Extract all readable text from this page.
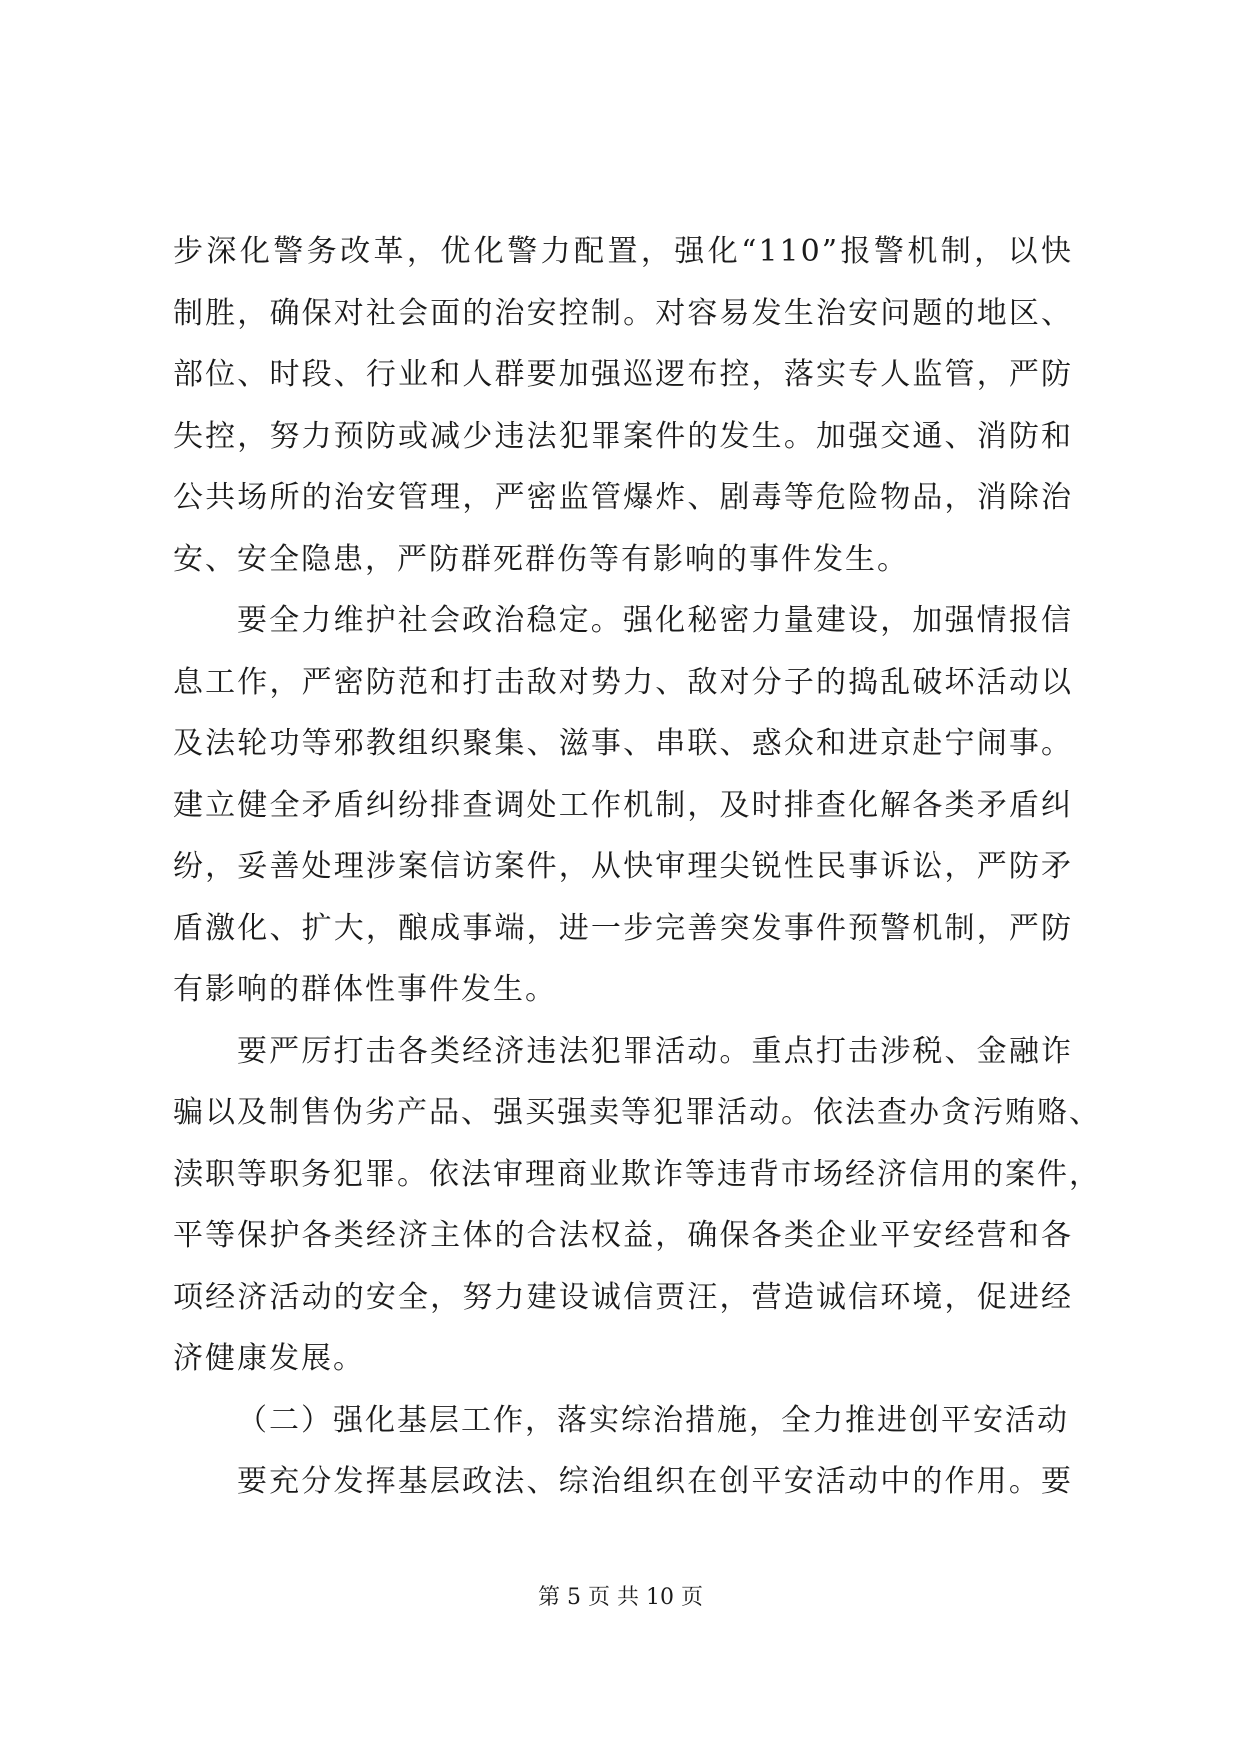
步深化警务改革，优化警力配置，强化“110”报警机制，以快
制胜，确保对社会面的治安控制。对容易发生治安问题的地区、
部位、时段、行业和人群要加强巡逻布控，落实专人监管，严防
失控，努力预防或减少违法犯罪案件的发生。加强交通、消防和
公共场所的治安管理，严密监管爆炸、剧毒等危险物品，消除治
安、安全隐患，严防群死群伤等有影响的事件发生。
要全力维护社会政治稳定。强化秘密力量建设，加强情报信
息工作，严密防范和打击敌对势力、敌对分子的捣乱破坏活动以
及法轮功等邪教组织聚集、滋事、串联、惑众和进京赴宁闹事。
建立健全矛盾纠纷排查调处工作机制，及时排查化解各类矛盾纠
纷，妥善处理涉案信访案件，从快审理尖锐性民事诉讼，严防矛
盾激化、扩大，酿成事端，进一步完善突发事件预警机制，严防
有影响的群体性事件发生。
要严厉打击各类经济违法犯罪活动。重点打击涉税、金融诈
骗以及制售伪劣产品、强买强卖等犯罪活动。依法查办贪污贿赂、
渎职等职务犯罪。依法审理商业欺诈等违背市场经济信用的案件，
平等保护各类经济主体的合法权益，确保各类企业平安经营和各
项经济活动的安全，努力建设诚信贾汪，营造诚信环境，促进经
济健康发展。
（二）强化基层工作，落实综治措施，全力推进创平安活动
要充分发挥基层政法、综治组织在创平安活动中的作用。要
第 5 页 共 10 页
